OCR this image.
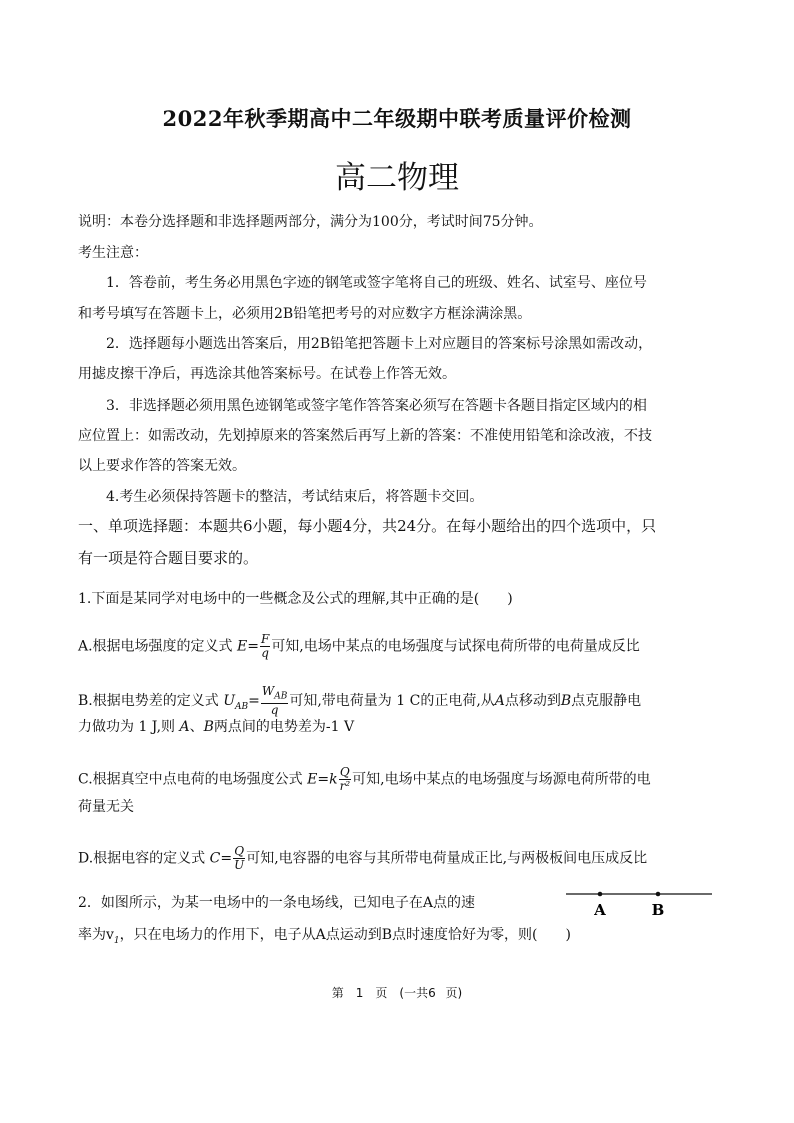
2022年秋季期高中二年级期中联考质量评价检测
高二物理
说明：本卷分选择题和非选择题两部分，满分为100分，考试时间75分钟。
考生注意：
1．答卷前，考生务必用黑色字迹的钢笔或签字笔将自己的班级、姓名、试室号、座位号
和考号填写在答题卡上，必须用2B铅笔把考号的对应数字方框涂满涂黑。
2．选择题每小题选出答案后，用2B铅笔把答题卡上对应题目的答案标号涂黑如需改动，
用摅皮擦干净后，再选涂其他答案标号。在试卷上作答无效。
3．非选择题必须用黑色迹钢笔或签字笔作答答案必须写在答题卡各题目指定区域内的相
应位置上：如需改动，先划掉原来的答案然后再写上新的答案：不准使用铅笔和涂改液，不技
以上要求作答的答案无效。
4.考生必须保持答题卡的整洁，考试结束后，将答题卡交回。
一、单项选择题：本题共6小题，每小题4分，共24分。在每小题给出的四个选项中，只
有一项是符合题目要求的。
1.下面是某同学对电场中的一些概念及公式的理解,其中正确的是(　　)
A.根据电场强度的定义式 $E= \frac{F}{q}$ 可知,电场中某点的电场强度与试探电荷所带的电荷量成反比
B.根据电势差的定义式 $U_{AB}= \frac{W_{AB}}{q}$ 可知,带电荷量为 1 C的正电荷,从A点移动到B点克服静电
力做功为 1 J,则 A、B两点间的电势差为-1 V
C.根据真空中点电荷的电场强度公式 $E=k \frac{Q}{\text{r²}}$ 可知,电场中某点的电场强度与场源电荷所带的电
荷量无关
D.根据电容的定义式 $C= \frac{Q}{U}$ 可知,电容器的电容与其所带电荷量成正比,与两极板间电压成反比
2．如图所示，为某一电场中的一条电场线，已知电子在A点的速
率为$v_1$，只在电场力的作用下，电子从A点运动到B点时速度恰好为零，则(　　)
A	B
第　1　页　(一共6 页)
